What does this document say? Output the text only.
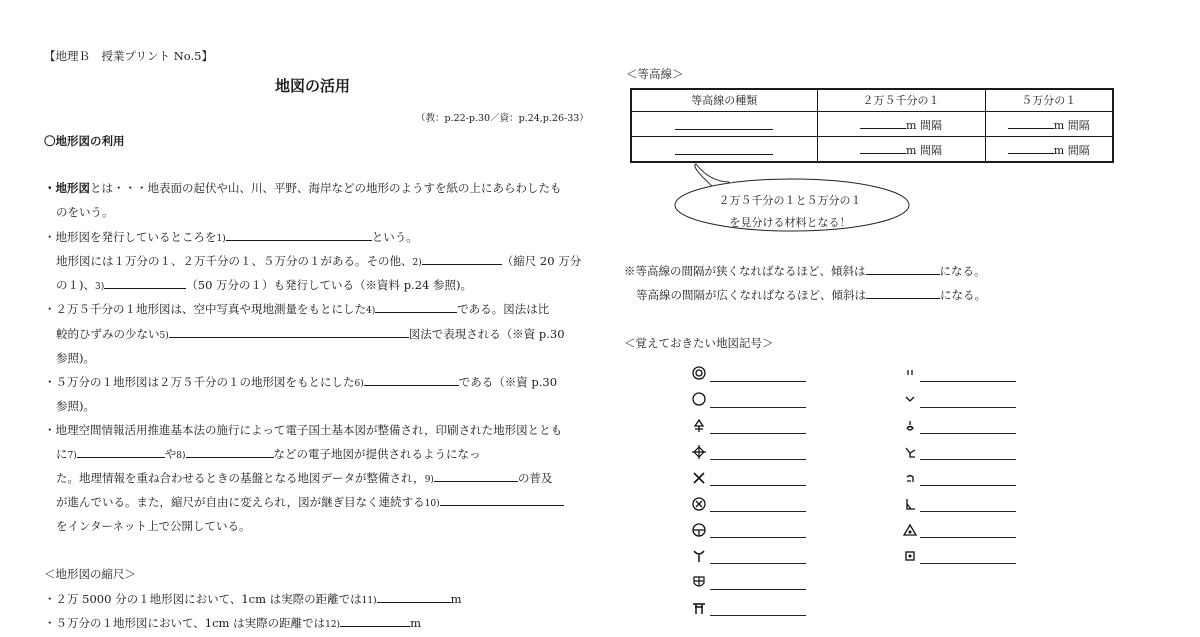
【地理Ｂ　授業プリント No.5】
地図の活用
（教：p.22-p.30／資：p.24,p.26-33）
〇地形図の利用
・地形図とは・・・地表面の起伏や山、川、平野、海岸などの地形のようすを紙の上にあらわしたも
のをいう。
・地形図を発行しているところを1)	という。
地形図には１万分の１、２万千分の１、５万分の１がある。その他、2)	（縮尺 20 万分
の１)、3)	（50 万分の１）も発行している（※資料 p.24 参照)。
・２万５千分の１地形図は、空中写真や現地測量をもとにした4)	である。図法は比
較的ひずみの少ない5)	図法で表現される（※資 p.30
参照)。
・５万分の１地形図は２万５千分の１の地形図をもとにした6)	である（※資 p.30
参照)。
・地理空間情報活用推進基本法の施行によって電子国土基本図が整備され，印刷された地形図ととも
に7)	や8)	などの電子地図が提供されるようになっ
た。地理情報を重ね合わせるときの基盤となる地図データが整備され，9)	の普及
が進んでいる。また，縮尺が自由に変えられ，図が継ぎ目なく連続する10)
をインターネット上で公開している。
＜地形図の縮尺＞
・２万 5000 分の１地形図において、1cm は実際の距離では11)	m
・５万分の１地形図において、1cm は実際の距離では12)	m
＜等高線＞
等高線の種類	２万５千分の１	５万分の１
	m 間隔	m 間隔
	m 間隔	m 間隔
２万５千分の１と５万分の１
を見分ける材料となる！
※等高線の間隔が狭くなればなるほど、傾斜は	になる。
等高線の間隔が広くなればなるほど、傾斜は	になる。
＜覚えておきたい地図記号＞
